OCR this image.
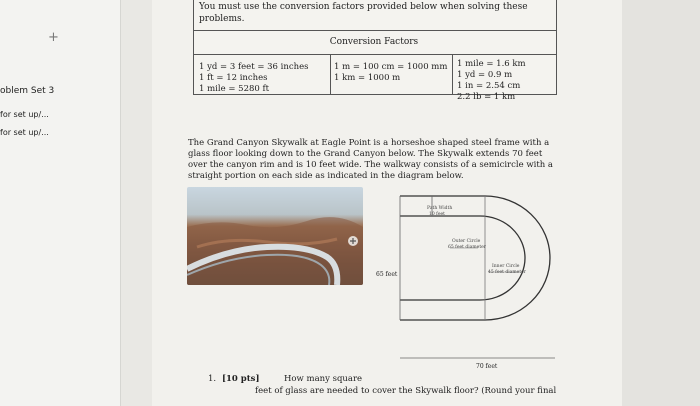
+
oblem Set 3
for set up/...
for set up/...
You must use the conversion factors provided below when solving these problems.
Conversion Factors
1 yd = 3 feet = 36 inches
1 ft = 12 inches
1 mile = 5280 ft
1 m = 100 cm = 1000 mm
1 km = 1000 m
1 mile = 1.6 km
1 yd = 0.9 m
1 in = 2.54 cm
2.2 lb = 1 km
The Grand Canyon Skywalk at Eagle Point is a horseshoe shaped steel frame with a glass floor looking down to the Grand Canyon below. The Skywalk extends 70 feet over the canyon rim and is 10 feet wide. The walkway consists of a semicircle with a straight portion on each side as indicated in the diagram below.
Path Width
10 feet
Outer Circle
65 feet diameter
Inner Circle
45 feet diameter
65 feet
70 feet
1. [10 pts]	How many square
feet of glass are needed to cover the Skywalk floor? (Round your final
